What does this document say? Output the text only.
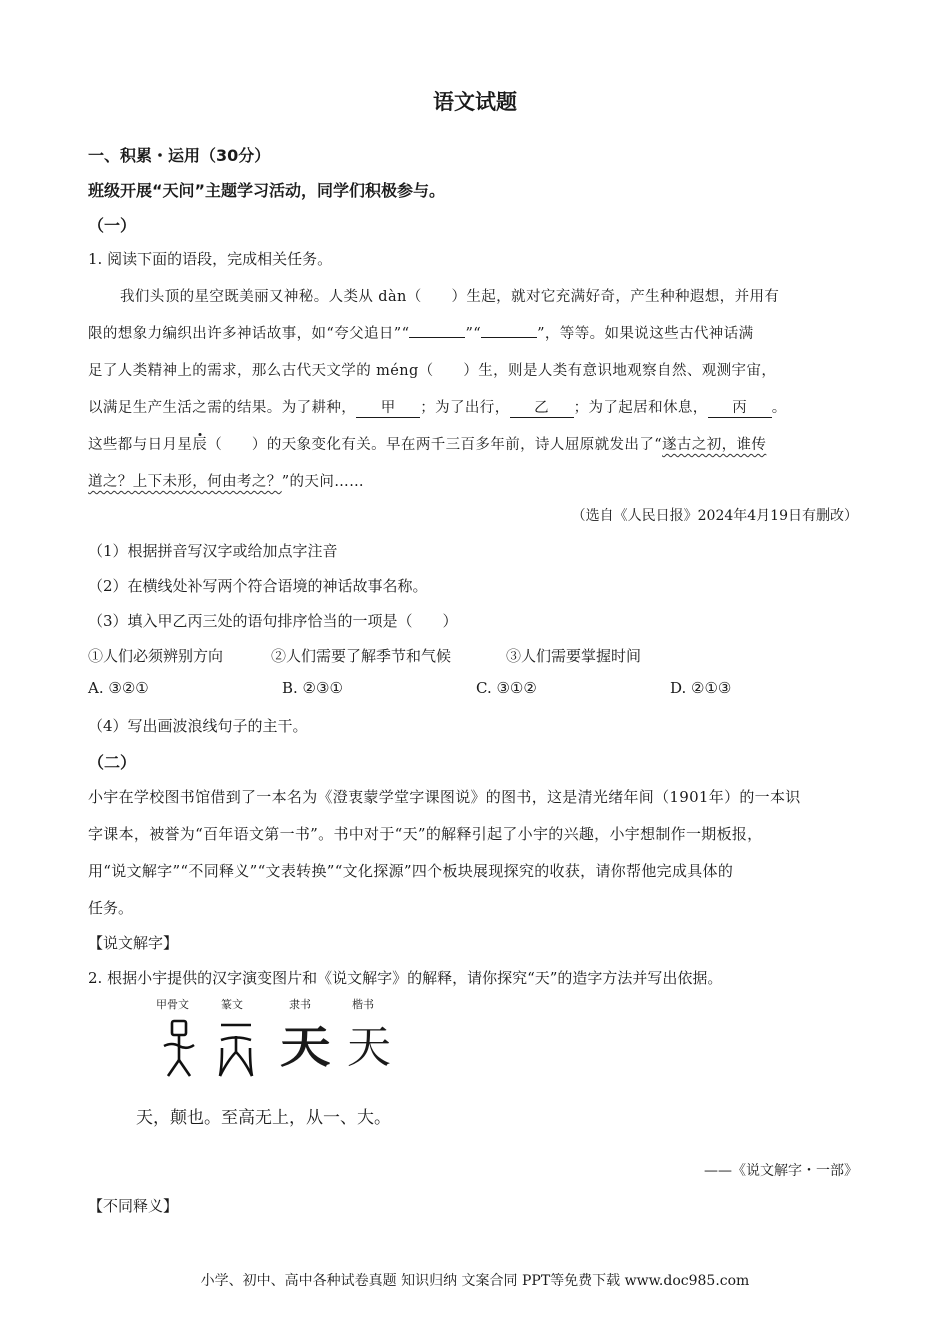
语文试题
一、积累・运用（30分）
班级开展“天问”主题学习活动，同学们积极参与。
（一）
1. 阅读下面的语段，完成相关任务。
我们头顶的星空既美丽又神秘。人类从 dàn（　　）生起，就对它充满好奇，产生种种遐想，并用有
限的想象力编织出许多神话故事，如“夸父追日”“	”“	”，等等。如果说这些古代神话满
足了人类精神上的需求，那么古代天文学的 méng（　　）生，则是人类有意识地观察自然、观测宇宙，
以满足生产生活之需的结果。为了耕种， 甲 ；为了出行， 乙 ；为了起居和休息， 丙 。
这些都与日月星辰（　　）的天象变化有关。早在两千三百多年前，诗人屈原就发出了“遂古之初，谁传
道之？上下未形，何由考之？”的天问……
（选自《人民日报》2024年4月19日有删改）
（1）根据拼音写汉字或给加点字注音
（2）在横线处补写两个符合语境的神话故事名称。
（3）填入甲乙丙三处的语句排序恰当的一项是（　　）
①人们必须辨别方向	②人们需要了解季节和气候	③人们需要掌握时间
A. ③②①	B. ②③①	C. ③①②	D. ②①③
（4）写出画波浪线句子的主干。
（二）
小宇在学校图书馆借到了一本名为《澄衷蒙学堂字课图说》的图书，这是清光绪年间（1901年）的一本识
字课本，被誉为“百年语文第一书”。书中对于“天”的解释引起了小宇的兴趣，小宇想制作一期板报，
用“说文解字”“不同释义”“文表转换”“文化探源”四个板块展现探究的收获，请你帮他完成具体的
任务。
【说文解字】
2. 根据小宇提供的汉字演变图片和《说文解字》的解释，请你探究“天”的造字方法并写出依据。
甲骨文	篆文	隶书	楷书
天 天
天，颠也。至高无上，从一、大。
——《说文解字・一部》
【不同释义】
小学、初中、高中各种试卷真题 知识归纳 文案合同 PPT等免费下载 www.doc985.com
